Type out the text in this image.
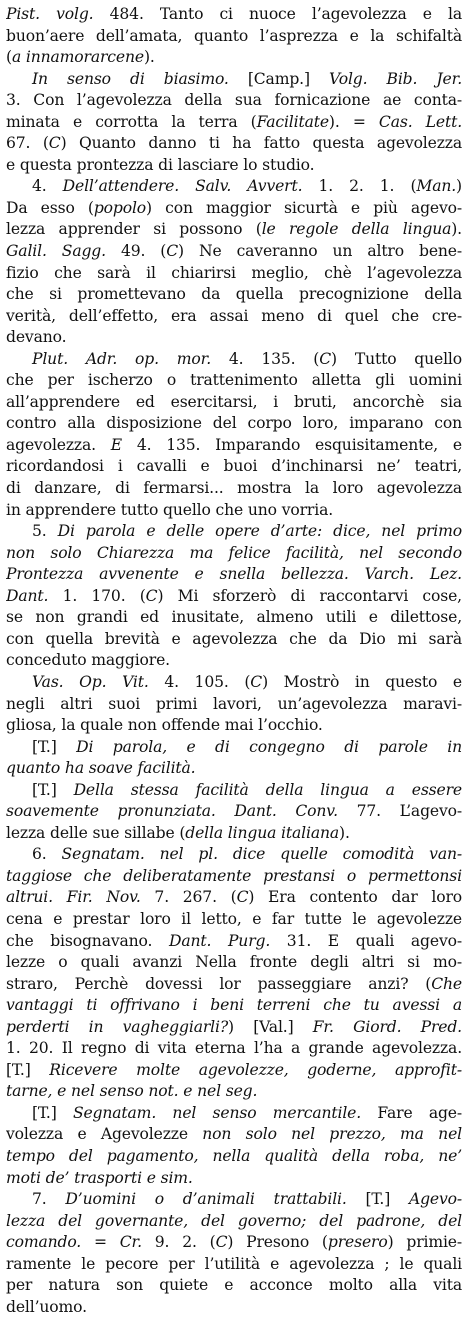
Pist. volg. 484. Tanto ci nuoce l’agevolezza e la
buon’aere dell’amata, quanto l’asprezza e la schifaltà
(a innamorarcene).
In senso di biasimo. [Camp.] Volg. Bib. Jer.
3. Con l’agevolezza della sua fornicazione ae conta-
minata e corrotta la terra (Facilitate). = Cas. Lett.
67. (C) Quanto danno ti ha fatto questa agevolezza
e questa prontezza di lasciare lo studio.
4. Dell’attendere. Salv. Avvert. 1. 2. 1. (Man.)
Da esso (popolo) con maggior sicurtà e più agevo-
lezza apprender si possono (le regole della lingua).
Galil. Sagg. 49. (C) Ne caveranno un altro bene-
fizio che sarà il chiarirsi meglio, chè l’agevolezza
che si promettevano da quella precognizione della
verità, dell’effetto, era assai meno di quel che cre-
devano.
Plut. Adr. op. mor. 4. 135. (C) Tutto quello
che per ischerzo o trattenimento alletta gli uomini
all’apprendere ed esercitarsi, i bruti, ancorchè sia
contro alla disposizione del corpo loro, imparano con
agevolezza. E 4. 135. Imparando esquisitamente, e
ricordandosi i cavalli e buoi d’inchinarsi ne’ teatri,
di danzare, di fermarsi... mostra la loro agevolezza
in apprendere tutto quello che uno vorria.
5. Di parola e delle opere d’arte: dice, nel primo
non solo Chiarezza ma felice facilità, nel secondo
Prontezza avvenente e snella bellezza. Varch. Lez.
Dant. 1. 170. (C) Mi sforzerò di raccontarvi cose,
se non grandi ed inusitate, almeno utili e dilettose,
con quella brevità e agevolezza che da Dio mi sarà
conceduto maggiore.
Vas. Op. Vit. 4. 105. (C) Mostrò in questo e
negli altri suoi primi lavori, un’agevolezza maravi-
gliosa, la quale non offende mai l’occhio.
[T.] Di parola, e di congegno di parole in
quanto ha soave facilità.
[T.] Della stessa facilità della lingua a essere
soavemente pronunziata. Dant. Conv. 77. L’agevo-
lezza delle sue sillabe (della lingua italiana).
6. Segnatam. nel pl. dice quelle comodità van-
taggiose che deliberatamente prestansi o permettonsi
altrui. Fir. Nov. 7. 267. (C) Era contento dar loro
cena e prestar loro il letto, e far tutte le agevolezze
che bisognavano. Dant. Purg. 31. E quali agevo-
lezze o quali avanzi Nella fronte degli altri si mo-
strarо, Perchè dovessi lor passeggiare anzi? (Che
vantaggi ti offrivano i beni terreni che tu avessi a
perderti in vagheggiarli?) [Val.] Fr. Giord. Pred.
1. 20. Il regno di vita eterna l’ha a grande agevolezza.
[T.] Ricevere molte agevolezze, goderne, approfit-
tarne, e nel senso not. e nel seg.
[T.] Segnatam. nel senso mercantile. Fare age-
volezza e Agevolezze non solo nel prezzo, ma nel
tempo del pagamento, nella qualità della roba, ne’
moti de’ trasporti e sim.
7. D’uomini o d’animali trattabili. [T.] Agevo-
lezza del governante, del governo; del padrone, del
comando. = Cr. 9. 2. (C) Presono (presero) primie-
ramente le pecore per l’utilità e agevolezza ; le quali
per natura son quiete e acconce molto alla vita
dell’uomo.
